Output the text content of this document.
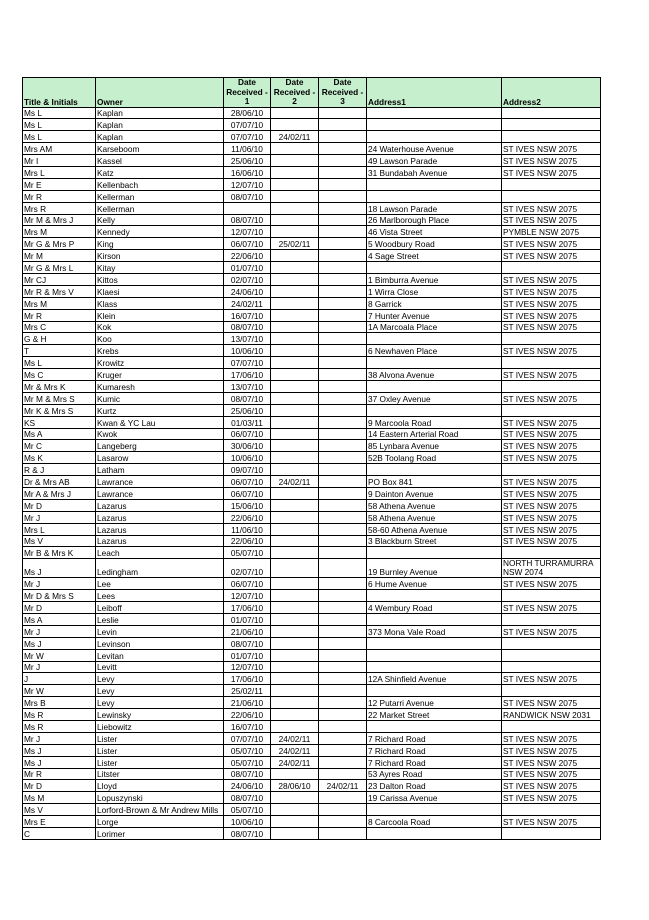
Title & Initials	Owner	Date Received - 1	Date Received - 2	Date Received - 3	Address1	Address2
Ms L	Kaplan	28/06/10				
Ms L	Kaplan	07/07/10				
Ms L	Kaplan	07/07/10	24/02/11			
Mrs AM	Karseboom	11/06/10			24 Waterhouse Avenue	ST IVES NSW 2075
Mr I	Kassel	25/06/10			49 Lawson Parade	ST IVES NSW 2075
Mrs L	Katz	16/06/10			31 Bundabah Avenue	ST IVES NSW 2075
Mr E	Kellenbach	12/07/10				
Mr R	Kellerman	08/07/10				
Mrs R	Kellerman				18 Lawson Parade	ST IVES NSW 2075
Mr M & Mrs J	Kelly	08/07/10			26 Marlborough Place	ST IVES NSW 2075
Mrs M	Kennedy	12/07/10			46 Vista Street	PYMBLE NSW 2075
Mr G & Mrs P	King	06/07/10	25/02/11		5 Woodbury Road	ST IVES NSW 2075
Mr M	Kirson	22/06/10			4 Sage Street	ST IVES NSW 2075
Mr G & Mrs L	Kitay	01/07/10				
Mr CJ	Kittos	02/07/10			1 Bimburra Avenue	ST IVES NSW 2075
Mr R & Mrs V	Klaesi	24/06/10			1 Wirra Close	ST IVES NSW 2075
Mrs M	Klass	24/02/11			8 Garrick	ST IVES NSW 2075
Mr R	Klein	16/07/10			7 Hunter Avenue	ST IVES NSW 2075
Mrs C	Kok	08/07/10			1A Marcoala Place	ST IVES NSW 2075
G & H	Koo	13/07/10				
T	Krebs	10/06/10			6 Newhaven Place	ST IVES NSW 2075
Ms L	Krowitz	07/07/10				
Ms C	Kruger	17/06/10			38 Alvona Avenue	ST IVES NSW 2075
Mr & Mrs K	Kumaresh	13/07/10				
Mr M & Mrs S	Kumic	08/07/10			37 Oxley Avenue	ST IVES NSW 2075
Mr K & Mrs S	Kurtz	25/06/10				
KS	Kwan & YC Lau	01/03/11			9 Marcoola Road	ST IVES NSW 2075
Ms A	Kwok	06/07/10			14 Eastern Arterial Road	ST IVES NSW 2075
Mr C	Langeberg	30/06/10			85 Lynbara Avenue	ST IVES NSW 2075
Ms K	Lasarow	10/06/10			52B Toolang Road	ST IVES NSW 2075
R & J	Latham	09/07/10				
Dr & Mrs AB	Lawrance	06/07/10	24/02/11		PO Box 841	ST IVES NSW 2075
Mr A & Mrs J	Lawrance	06/07/10			9 Dainton Avenue	ST IVES NSW 2075
Mr D	Lazarus	15/06/10			58 Athena Avenue	ST IVES NSW 2075
Mr J	Lazarus	22/06/10			58 Athena Avenue	ST IVES NSW 2075
Mrs L	Lazarus	11/06/10			58-60 Athena Avenue	ST IVES NSW 2075
Ms V	Lazarus	22/06/10			3 Blackburn Street	ST IVES NSW 2075
Mr B & Mrs K	Leach	05/07/10				
Ms J	Ledingham	02/07/10			19 Burnley Avenue	NORTH TURRAMURRA NSW 2074
Mr J	Lee	06/07/10			6 Hume Avenue	ST IVES NSW 2075
Mr D & Mrs S	Lees	12/07/10				
Mr D	Leiboff	17/06/10			4 Wembury Road	ST IVES NSW 2075
Ms A	Leslie	01/07/10				
Mr J	Levin	21/06/10			373 Mona Vale Road	ST IVES NSW 2075
Ms J	Levinson	08/07/10				
Mr W	Levitan	01/07/10				
Mr J	Levitt	12/07/10				
J	Levy	17/06/10			12A Shinfield Avenue	ST IVES NSW 2075
Mr W	Levy	25/02/11				
Mrs B	Levy	21/06/10			12 Putarri Avenue	ST IVES NSW 2075
Ms R	Lewinsky	22/06/10			22 Market Street	RANDWICK NSW 2031
Ms R	Liebowitz	16/07/10				
Mr J	Lister	07/07/10	24/02/11		7 Richard Road	ST IVES NSW 2075
Ms J	Lister	05/07/10	24/02/11		7 Richard Road	ST IVES NSW 2075
Ms J	Lister	05/07/10	24/02/11		7 Richard Road	ST IVES NSW 2075
Mr R	Litster	08/07/10			53 Ayres Road	ST IVES NSW 2075
Mr D	Lloyd	24/06/10	28/06/10	24/02/11	23 Dalton Road	ST IVES NSW 2075
Ms M	Lopuszynski	08/07/10			19 Carissa Avenue	ST IVES NSW 2075
Ms V	Lorford-Brown & Mr Andrew Mills	05/07/10				
Mrs E	Lorge	10/06/10			8 Carcoola Road	ST IVES NSW 2075
C	Lorimer	08/07/10				
